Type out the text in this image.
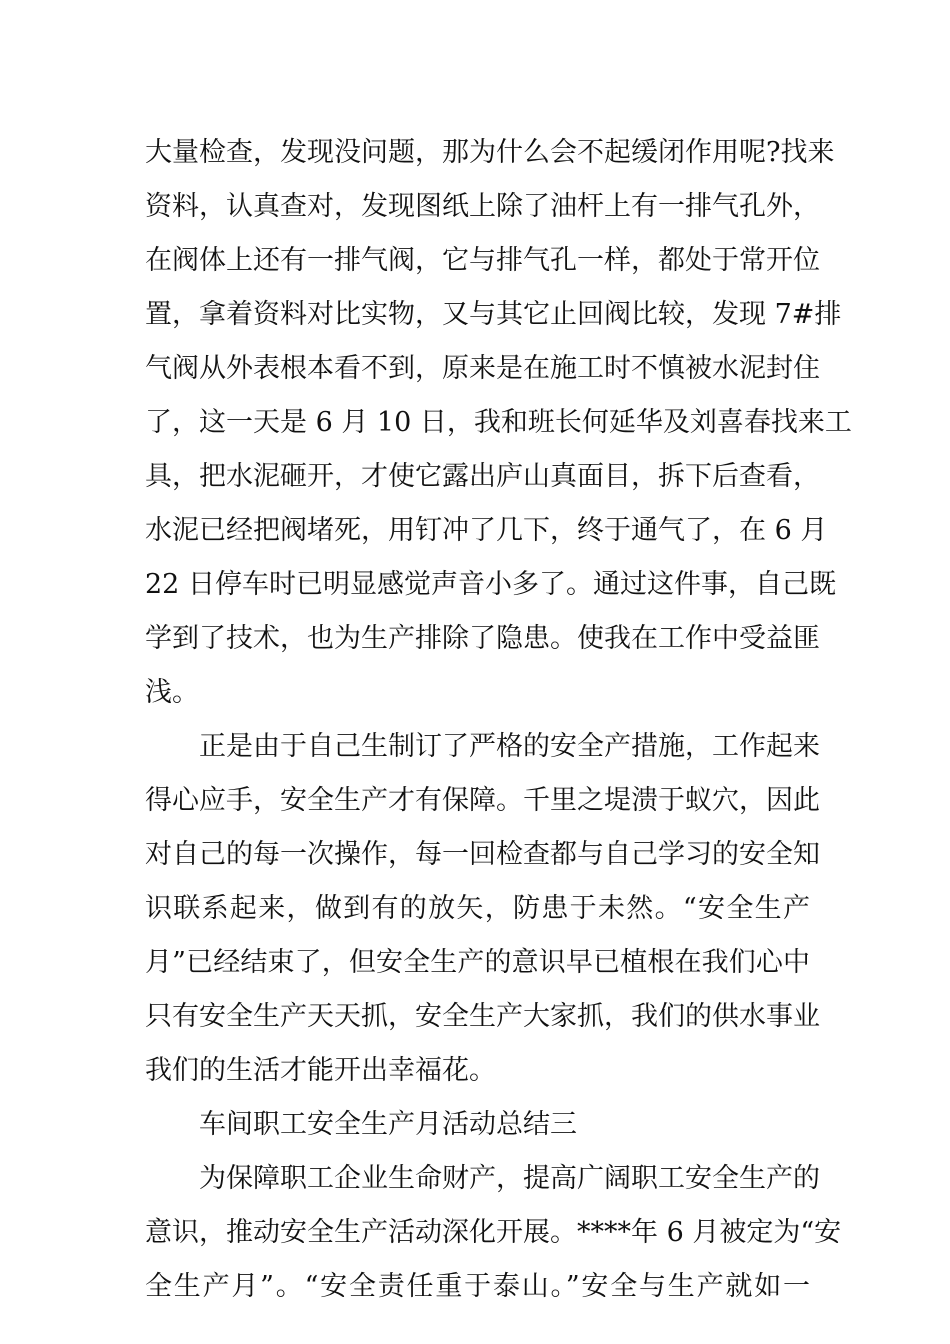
大量检查，发现没问题，那为什么会不起缓闭作用呢?找来
资料，认真查对，发现图纸上除了油杆上有一排气孔外，
在阀体上还有一排气阀，它与排气孔一样，都处于常开位
置，拿着资料对比实物，又与其它止回阀比较，发现 7#排
气阀从外表根本看不到，原来是在施工时不慎被水泥封住
了，这一天是 6 月 10 日，我和班长何延华及刘喜春找来工
具，把水泥砸开，才使它露出庐山真面目，拆下后查看，
水泥已经把阀堵死，用钉冲了几下，终于通气了，在 6 月
22 日停车时已明显感觉声音小多了。通过这件事，自己既
学到了技术，也为生产排除了隐患。使我在工作中受益匪
浅。
正是由于自己生制订了严格的安全产措施，工作起来
得心应手，安全生产才有保障。千里之堤溃于蚁穴，因此
对自己的每一次操作，每一回检查都与自己学习的安全知
识联系起来，做到有的放矢，防患于未然。“安全生产
月”已经结束了，但安全生产的意识早已植根在我们心中
只有安全生产天天抓，安全生产大家抓，我们的供水事业
我们的生活才能开出幸福花。
车间职工安全生产月活动总结三
为保障职工企业生命财产，提高广阔职工安全生产的
意识，推动安全生产活动深化开展。****年 6 月被定为“安
全生产月”。“安全责任重于泰山。”安全与生产就如一
